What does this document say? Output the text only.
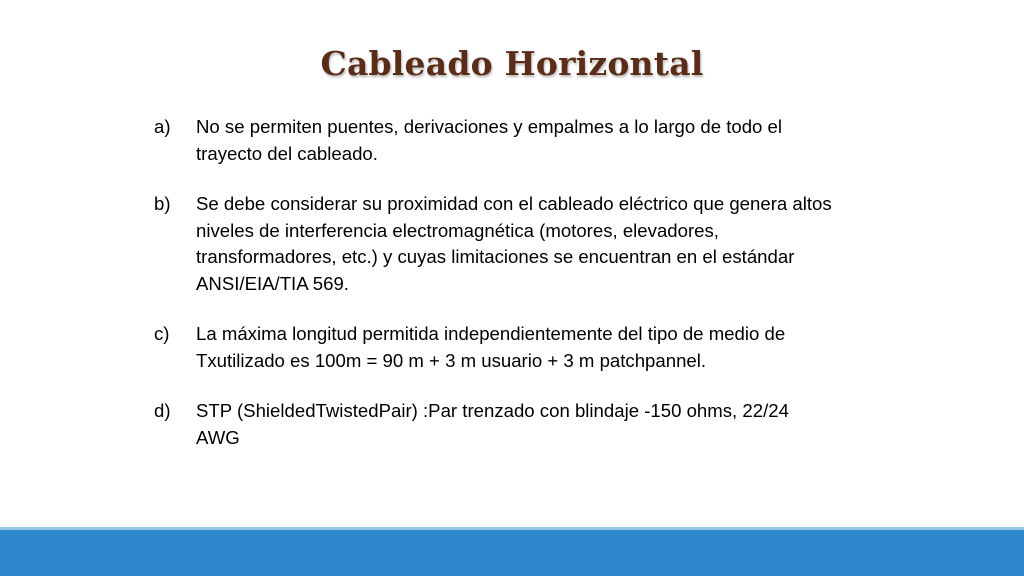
Cableado Horizontal
a) No se permiten puentes, derivaciones y empalmes a lo largo de todo el trayecto del cableado.
b) Se debe considerar su proximidad con el cableado eléctrico que genera altos niveles de interferencia electromagnética (motores, elevadores, transformadores, etc.) y cuyas limitaciones se encuentran en el estándar ANSI/EIA/TIA 569.
c) La máxima longitud permitida independientemente del tipo de medio de Txutilizado es 100m = 90 m + 3 m usuario + 3 m patchpannel.
d) STP (ShieldedTwistedPair) :Par trenzado con blindaje -150 ohms, 22/24 AWG
